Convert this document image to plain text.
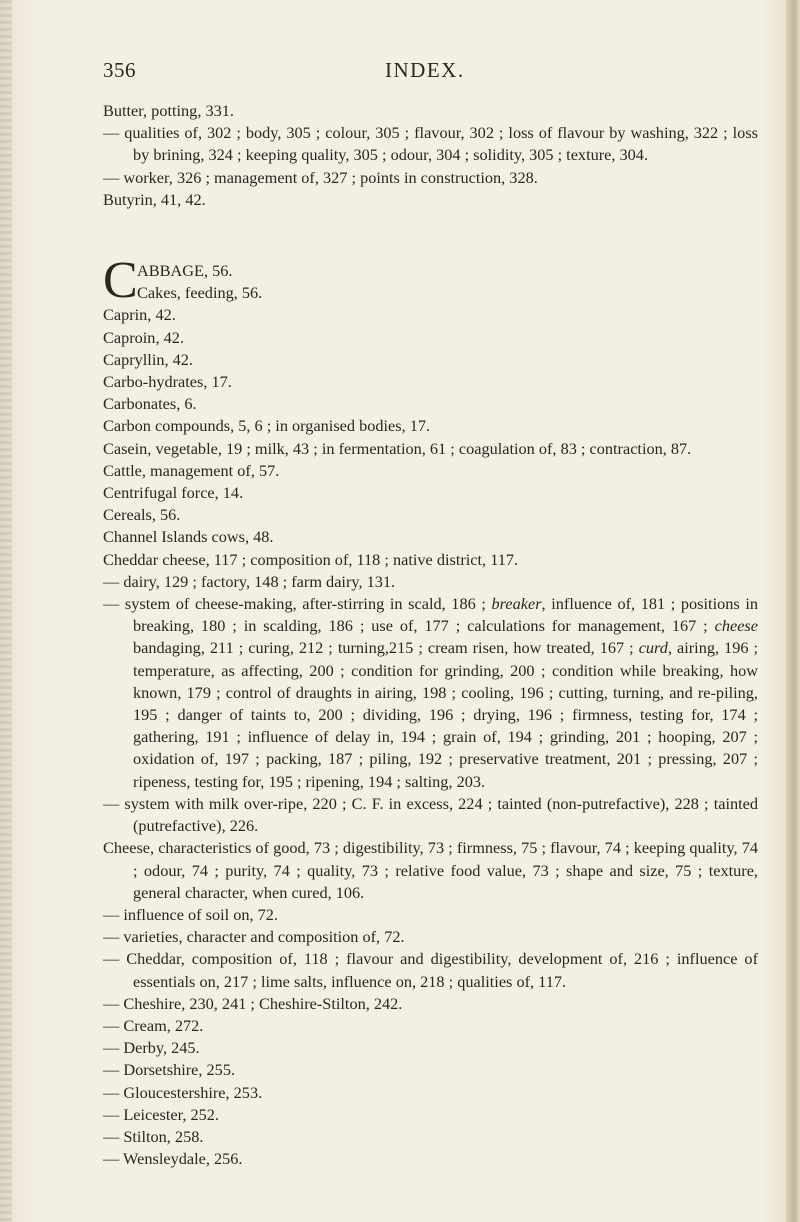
356	INDEX.

Butter, potting, 331.

— qualities of, 302 ; body, 305 ; colour, 305 ; flavour, 302 ; loss of flavour by washing, 322 ; loss by brining, 324 ; keeping quality, 305 ; odour, 304 ; solidity, 305 ; texture, 304.

— worker, 326 ; management of, 327 ; points in construction, 328.

Butyrin, 41, 42.

C ABBAGE, 56.
Cakes, feeding, 56.

Caprin, 42.

Caproin, 42.

Capryllin, 42.

Carbo-hydrates, 17.

Carbonates, 6.

Carbon compounds, 5, 6 ; in organised bodies, 17.

Casein, vegetable, 19 ; milk, 43 ; in fermentation, 61 ; coagulation of, 83 ; contraction, 87.

Cattle, management of, 57.

Centrifugal force, 14.

Cereals, 56.

Channel Islands cows, 48.

Cheddar cheese, 117 ; composition of, 118 ; native district, 117.

— dairy, 129 ; factory, 148 ; farm dairy, 131.

— system of cheese-making, after-stirring in scald, 186 ; breaker, influence of, 181 ; positions in breaking, 180 ; in scalding, 186 ; use of, 177 ; calculations for management, 167 ; cheese bandaging, 211 ; curing, 212 ; turning,215 ; cream risen, how treated, 167 ; curd, airing, 196 ; temperature, as affecting, 200 ; condition for grinding, 200 ; condition while breaking, how known, 179 ; control of draughts in airing, 198 ; cooling, 196 ; cutting, turning, and re-piling, 195 ; danger of taints to, 200 ; dividing, 196 ; drying, 196 ; firmness, testing for, 174 ; gathering, 191 ; influence of delay in, 194 ; grain of, 194 ; grinding, 201 ; hooping, 207 ; oxidation of, 197 ; packing, 187 ; piling, 192 ; preservative treatment, 201 ; pressing, 207 ; ripeness, testing for, 195 ; ripening, 194 ; salting, 203.

— system with milk over-ripe, 220 ; C. F. in excess, 224 ; tainted (non-putrefactive), 228 ; tainted (putrefactive), 226.

Cheese, characteristics of good, 73 ; digestibility, 73 ; firmness, 75 ; flavour, 74 ; keeping quality, 74 ; odour, 74 ; purity, 74 ; quality, 73 ; relative food value, 73 ; shape and size, 75 ; texture, general character, when cured, 106.

— influence of soil on, 72.

— varieties, character and composition of, 72.

— Cheddar, composition of, 118 ; flavour and digestibility, development of, 216 ; influence of essentials on, 217 ; lime salts, influence on, 218 ; qualities of, 117.

— Cheshire, 230, 241 ; Cheshire-Stilton, 242.

— Cream, 272.

— Derby, 245.

— Dorsetshire, 255.

— Gloucestershire, 253.

— Leicester, 252.

— Stilton, 258.

— Wensleydale, 256.
